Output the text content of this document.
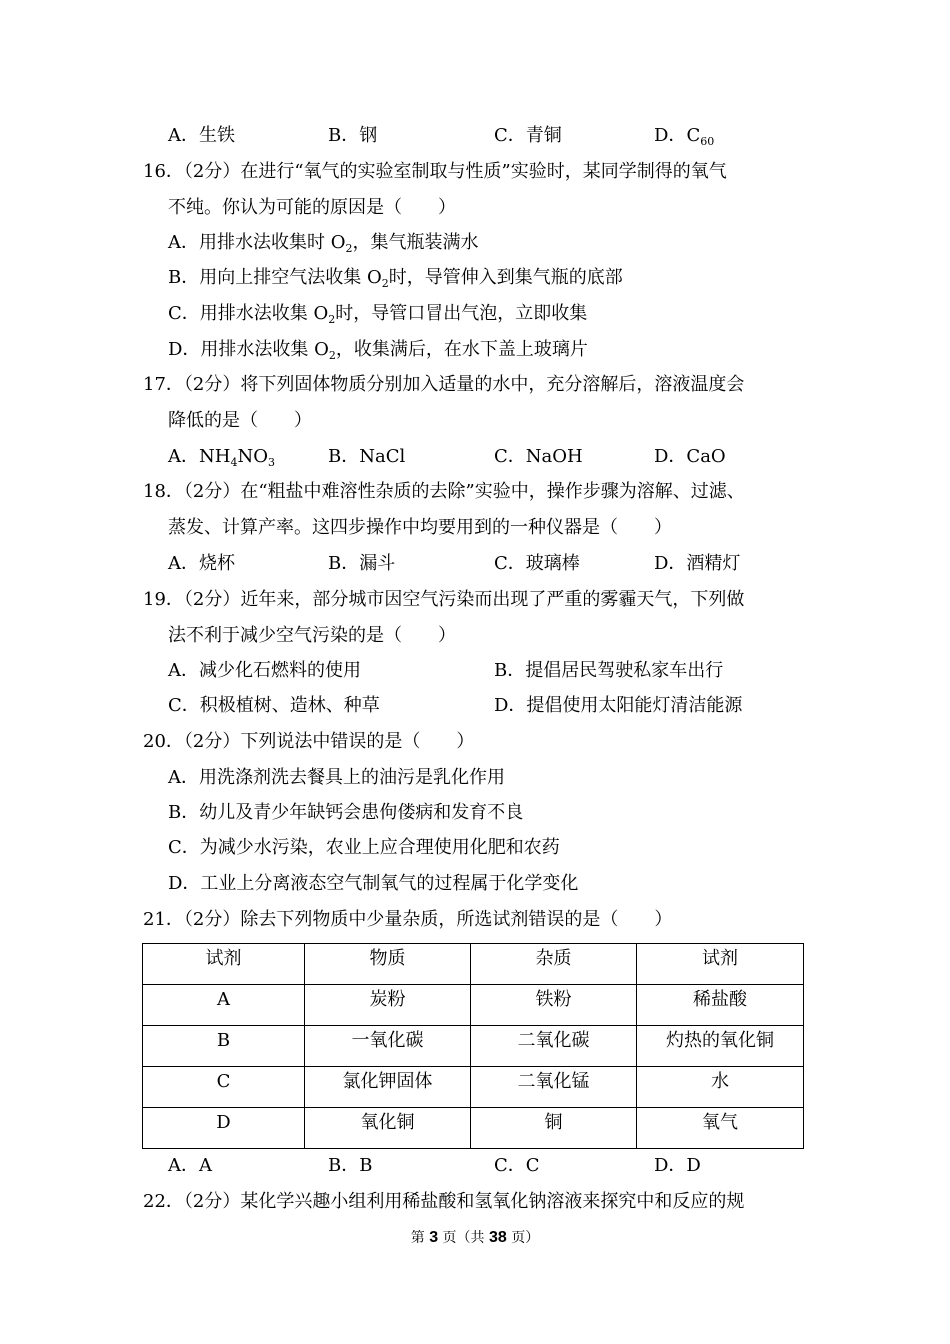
A．生铁	B．钢	C．青铜	D．$C_{60}$
16．（2分）在进行“氧气的实验室制取与性质”实验时，某同学制得的氧气
不纯。你认为可能的原因是（　　）
A．用排水法收集时 $O_2$，集气瓶装满水
B．用向上排空气法收集 $O_2$时，导管伸入到集气瓶的底部
C．用排水法收集 $O_2$时，导管口冒出气泡，立即收集
D．用排水法收集 $O_2$，收集满后，在水下盖上玻璃片
17．（2分）将下列固体物质分别加入适量的水中，充分溶解后，溶液温度会
降低的是（　　）
A．$NH_4NO_3$	B．NaCl	C．NaOH	D．CaO
18．（2分）在“粗盐中难溶性杂质的去除”实验中，操作步骤为溶解、过滤、
蒸发、计算产率。这四步操作中均要用到的一种仪器是（　　）
A．烧杯	B．漏斗	C．玻璃棒	D．酒精灯
19．（2分）近年来，部分城市因空气污染而出现了严重的雾霾天气，下列做
法不利于减少空气污染的是（　　）
A．减少化石燃料的使用	B．提倡居民驾驶私家车出行
C．积极植树、造林、种草	D．提倡使用太阳能灯清洁能源
20．（2分）下列说法中错误的是（　　）
A．用洗涤剂洗去餐具上的油污是乳化作用
B．幼儿及青少年缺钙会患佝偻病和发育不良
C．为减少水污染，农业上应合理使用化肥和农药
D．工业上分离液态空气制氧气的过程属于化学变化
21．（2分）除去下列物质中少量杂质，所选试剂错误的是（　　）
试剂	物质	杂质	试剂
A	炭粉	铁粉	稀盐酸
B	一氧化碳	二氧化碳	灼热的氧化铜
C	氯化钾固体	二氧化锰	水
D	氧化铜	铜	氧气
A．A	B．B	C．C	D．D
22．（2分）某化学兴趣小组利用稀盐酸和氢氧化钠溶液来探究中和反应的规
第 3 页（共 38 页）
